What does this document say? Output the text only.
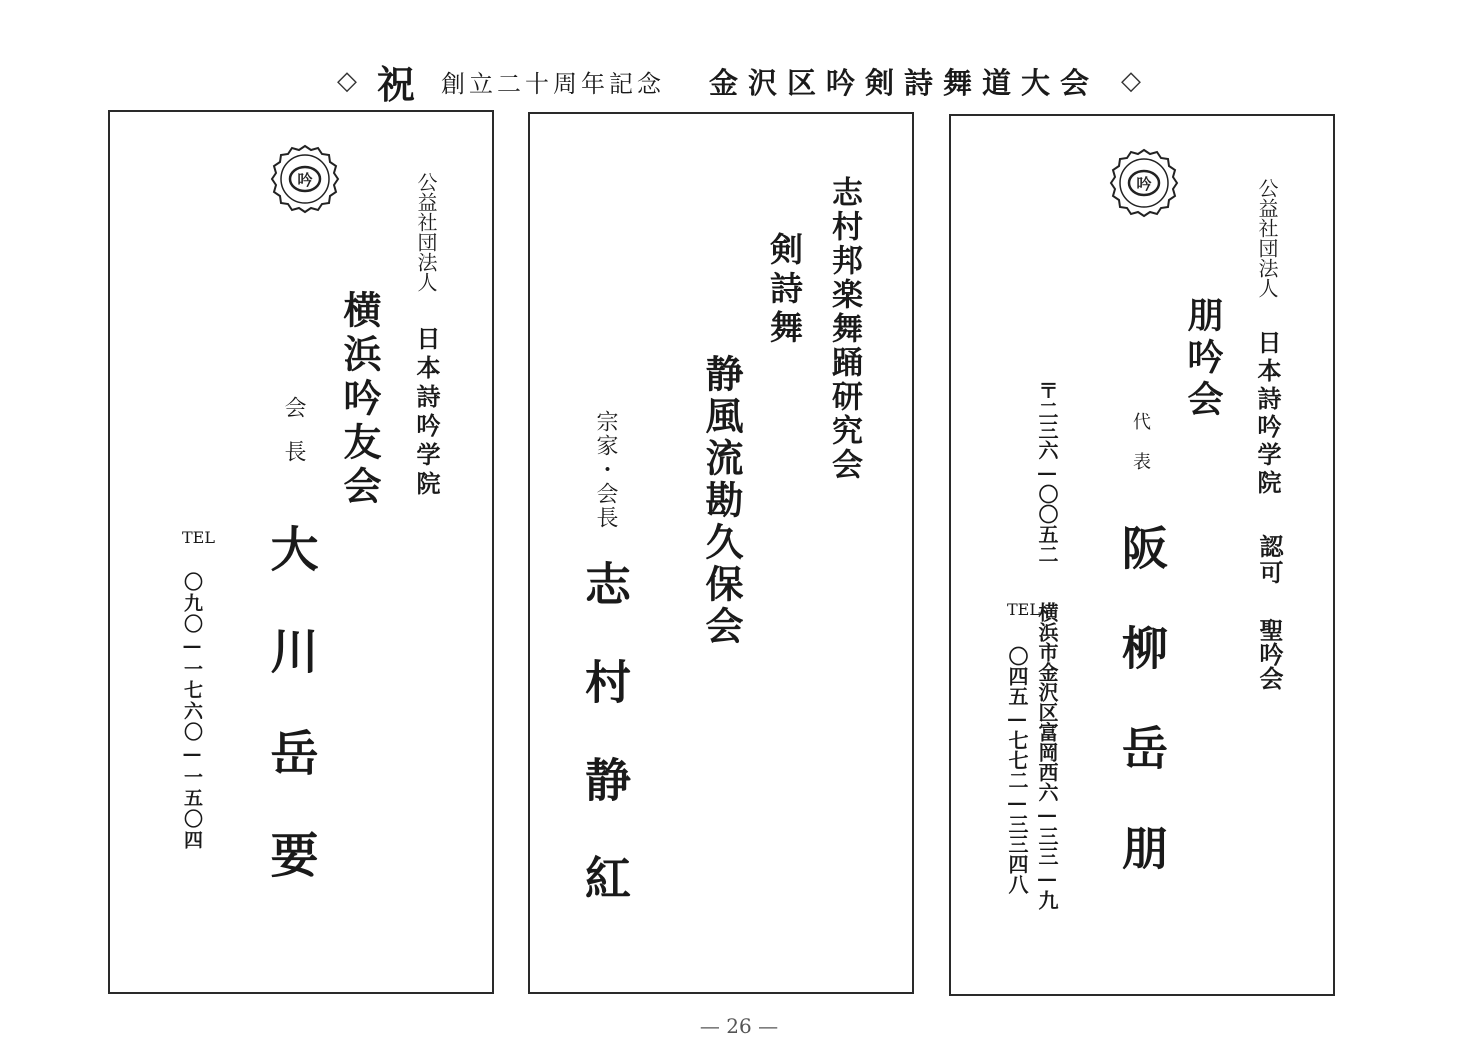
◇ 祝 創立二十周年記念 金沢区吟剣詩舞道大会 ◇
吟	公益社団法人
日本詩吟学院
横浜吟友会
会長
大川岳要
TEL
〇九〇—一七六〇—一五〇四
志村邦楽舞踊研究会
剣詩舞
静風流勘久保会
宗家・会長
志村静紅
吟	公益社団法人
日本詩吟学院
認可
聖吟会
朋吟会
代表
阪柳岳朋
〒二三六—〇〇五二
横浜市金沢区富岡西六—三三—九
TEL
〇四五—七七二—三三四八
— 26 —
